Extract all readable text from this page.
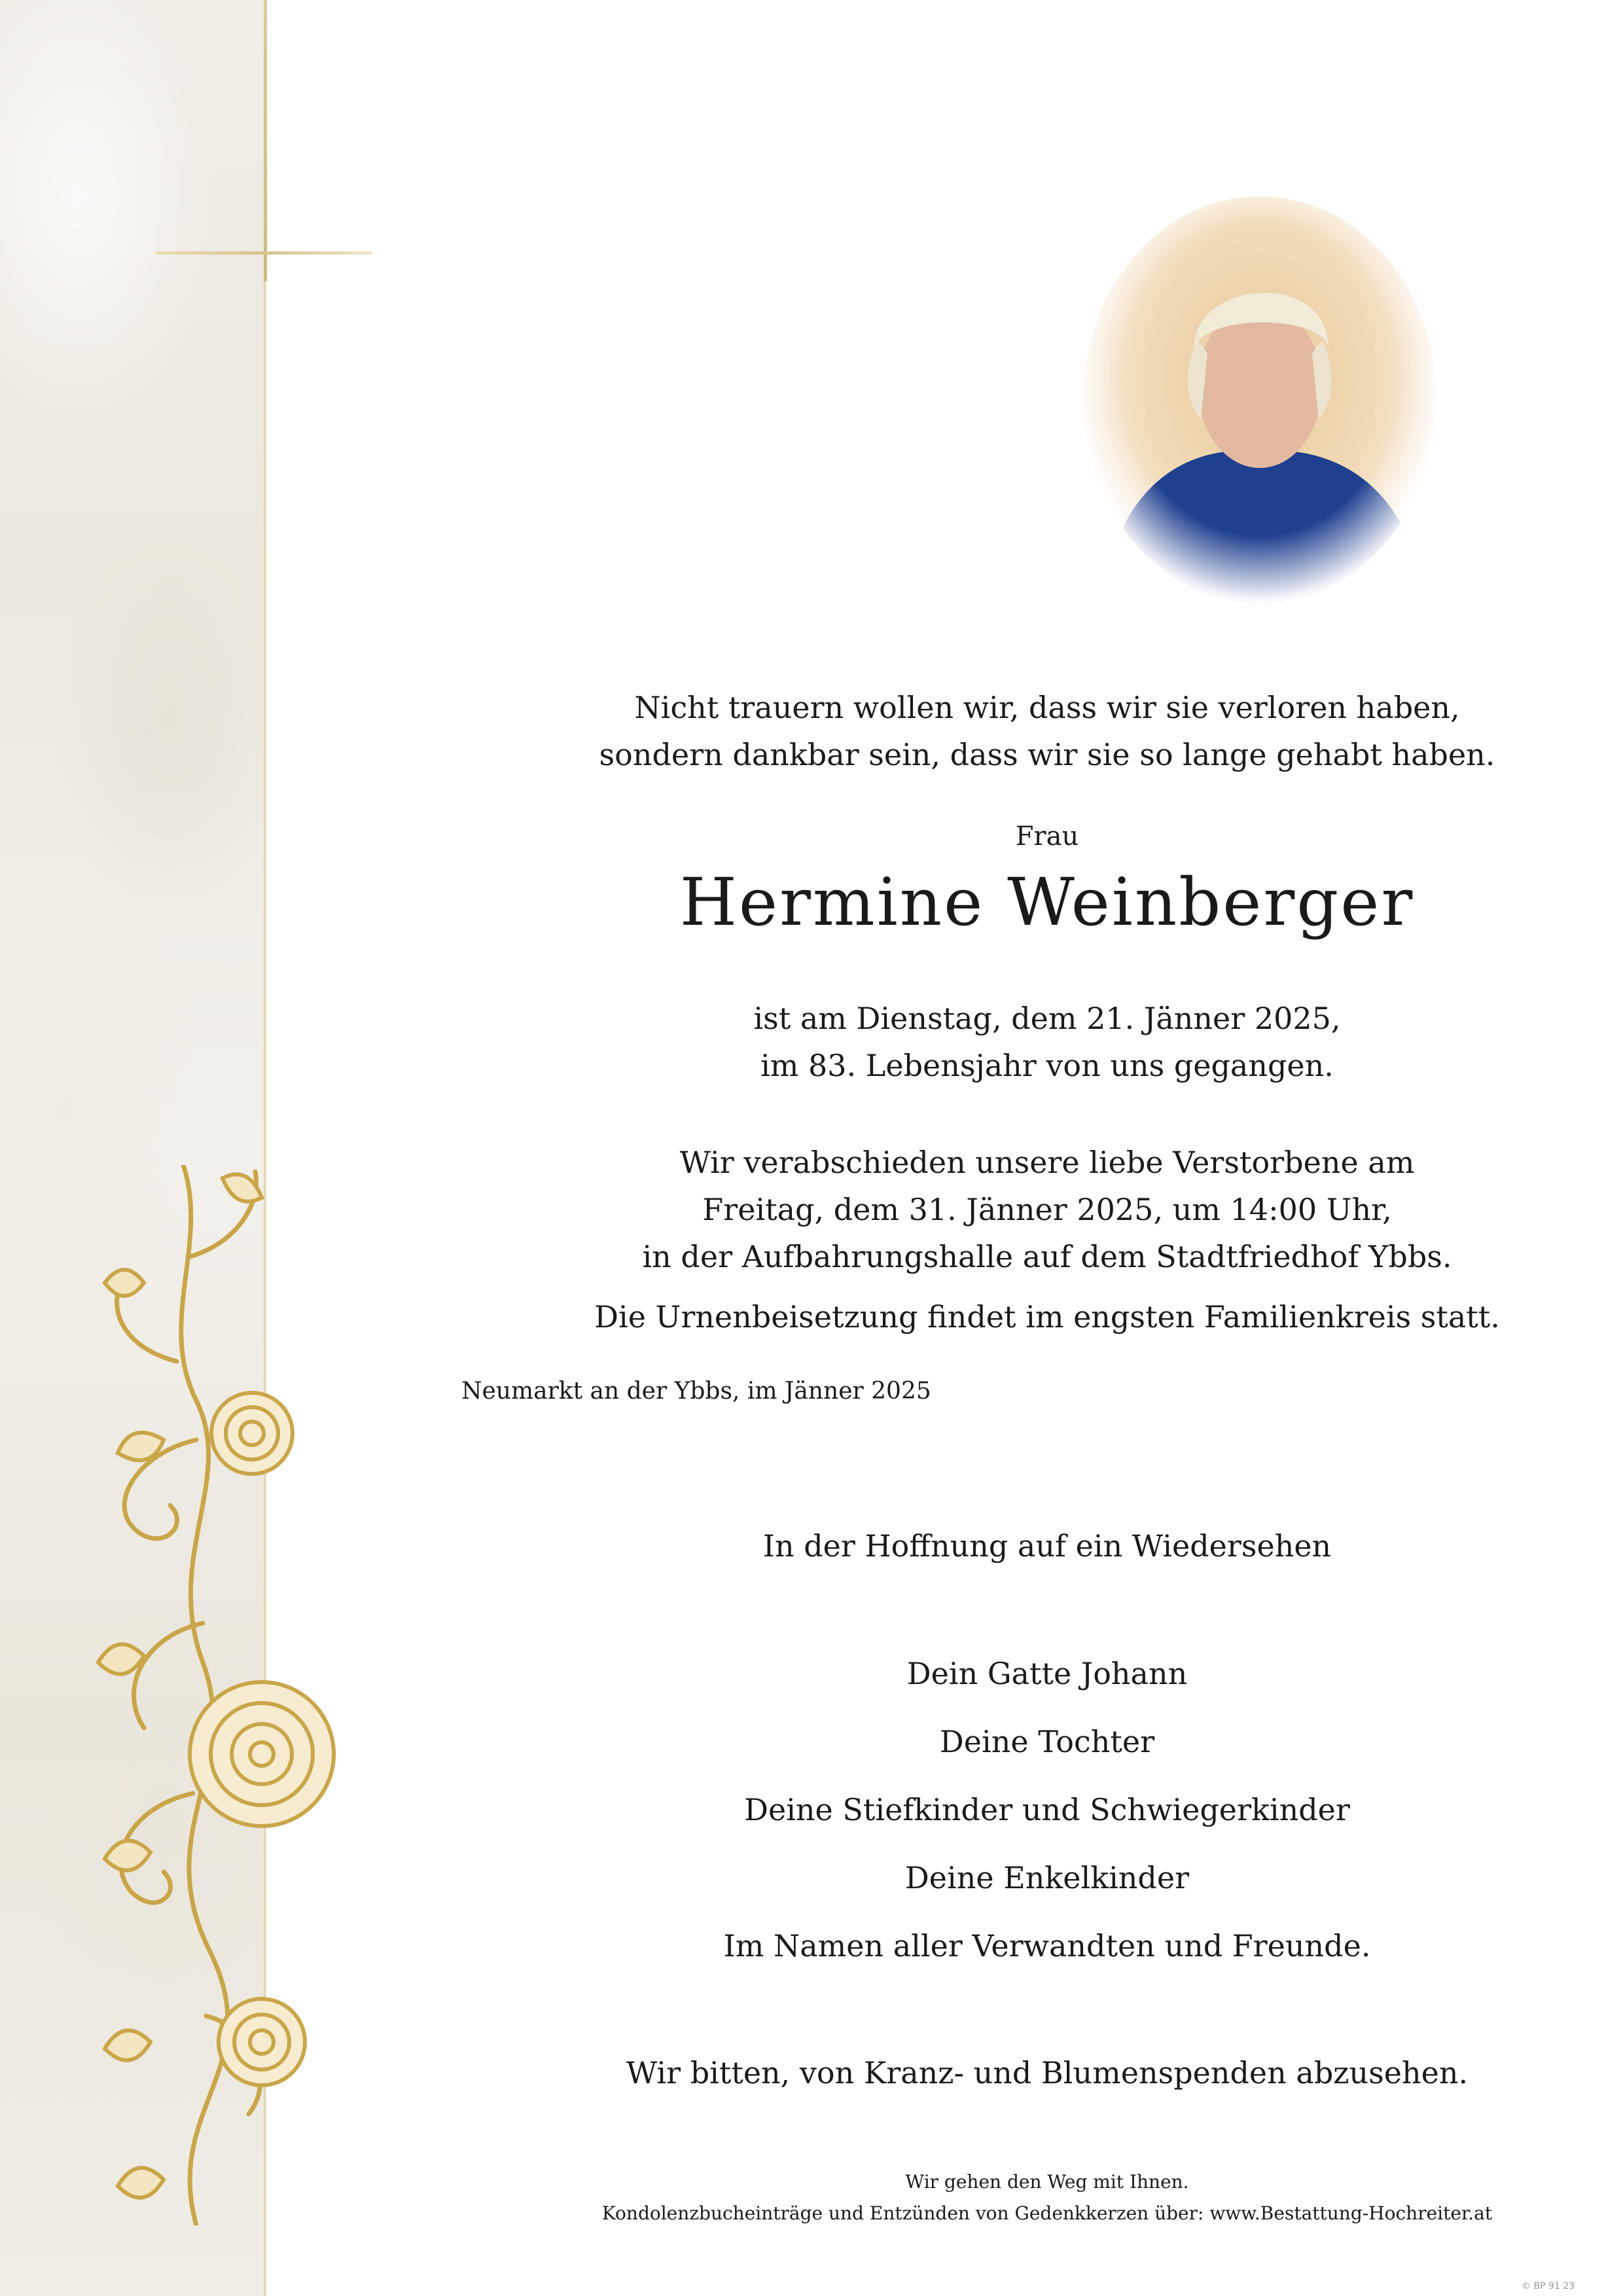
Nicht trauern wollen wir, dass wir sie verloren haben,

sondern dankbar sein, dass wir sie so lange gehabt haben.

Frau
Hermine Weinberger

ist am Dienstag, dem 21. Jänner 2025,

im 83. Lebensjahr von uns gegangen.

Wir verabschieden unsere liebe Verstorbene am

Freitag, dem 31. Jänner 2025, um 14:00 Uhr,

in der Aufbahrungshalle auf dem Stadtfriedhof Ybbs.

Die Urnenbeisetzung findet im engsten Familienkreis statt.
Neumarkt an der Ybbs, im Jänner 2025
In der Hoffnung auf ein Wiedersehen

Dein Gatte Johann

Deine Tochter

Deine Stiefkinder und Schwiegerkinder

Deine Enkelkinder

Im Namen aller Verwandten und Freunde.

Wir bitten, von Kranz- und Blumenspenden abzusehen.

Wir gehen den Weg mit Ihnen.

Kondolenzbucheinträge und Entzünden von Gedenkkerzen über: www.Bestattung-Hochreiter.at

© BP 91 23
